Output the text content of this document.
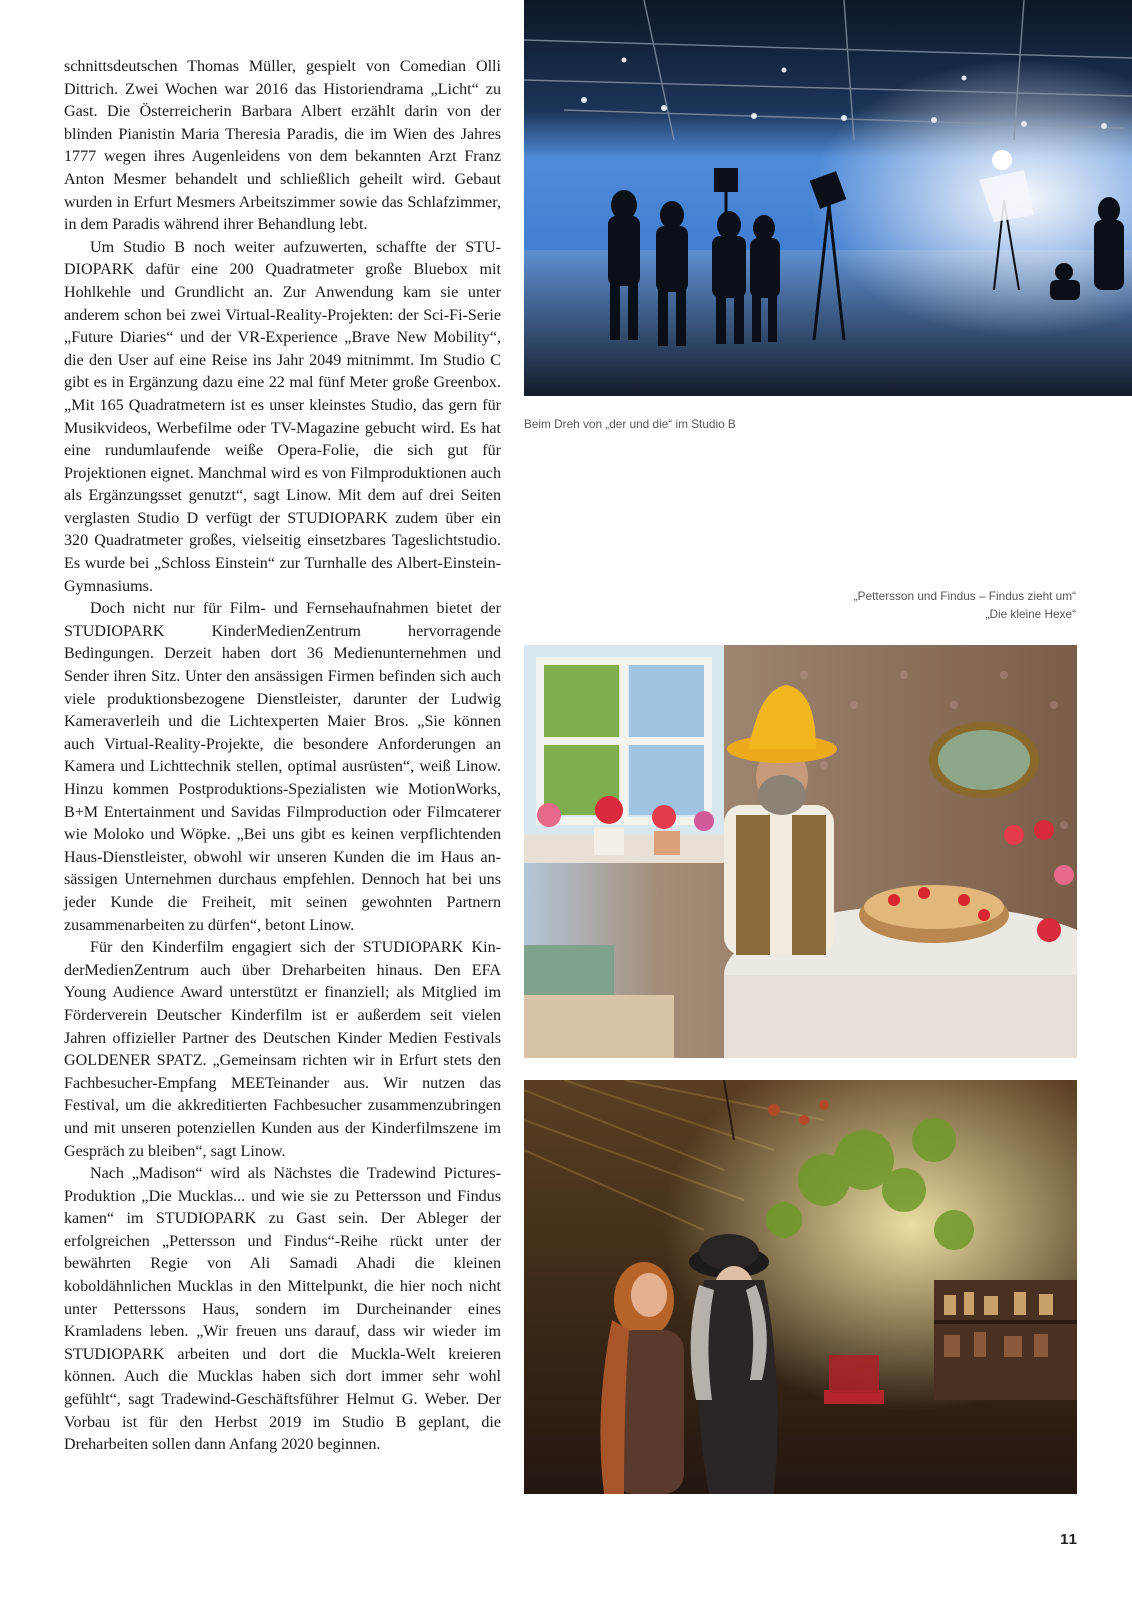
schnittsdeutschen Thomas Müller, gespielt von Comedian Olli Dittrich. Zwei Wochen war 2016 das Historiendrama „Licht“ zu Gast. Die Österreicherin Barbara Albert erzählt darin von der blinden Pianistin Maria Theresia Paradis, die im Wien des Jahres 1777 wegen ihres Augenleidens von dem bekannten Arzt Franz Anton Mesmer behandelt und schließlich geheilt wird. Gebaut wurden in Erfurt Mesmers Arbeitszimmer sowie das Schlafzimmer, in dem Paradis während ihrer Behandlung lebt.

Um Studio B noch weiter aufzuwerten, schaffte der STUDIOPARK dafür eine 200 Quadratmeter große Bluebox mit Hohlkehle und Grundlicht an. Zur Anwendung kam sie unter anderem schon bei zwei Virtual-Reality-Projekten: der Sci-Fi-Serie „Future Diaries“ und der VR-Experience „Brave New Mobility“, die den User auf eine Reise ins Jahr 2049 mitnimmt. Im Studio C gibt es in Ergänzung dazu eine 22 mal fünf Meter große Greenbox. „Mit 165 Quadratmetern ist es unser kleinstes Studio, das gern für Musikvideos, Werbefilme oder TV-Magazine gebucht wird. Es hat eine rundumlaufende weiße Opera-Folie, die sich gut für Projektionen eignet. Manchmal wird es von Filmproduktionen auch als Ergänzungsset genutzt“, sagt Linow. Mit dem auf drei Seiten verglasten Studio D verfügt der STUDIOPARK zudem über ein 320 Quadratmeter großes, vielseitig einsetzbares Tageslichtstudio. Es wurde bei „Schloss Einstein“ zur Turnhalle des Albert-Einstein-Gymnasiums.

Doch nicht nur für Film- und Fernsehaufnahmen bietet der STUDIOPARK KinderMedienZentrum hervorragende Bedingungen. Derzeit haben dort 36 Medienunternehmen und Sender ihren Sitz. Unter den ansässigen Firmen befinden sich auch viele produktionsbezogene Dienstleister, darunter der Ludwig Kameraverleih und die Lichtexperten Maier Bros. „Sie können auch Virtual-Reality-Projekte, die besondere Anforderungen an Kamera und Lichttechnik stellen, optimal ausrüsten“, weiß Linow. Hinzu kommen Postproduktions-Spezialisten wie MotionWorks, B+M Entertainment und Savidas Filmproduction oder Filmcaterer wie Moloko und Wöpke. „Bei uns gibt es keinen verpflichtenden Haus-Dienstleister, obwohl wir unseren Kunden die im Haus ansässigen Unternehmen durchaus empfehlen. Dennoch hat bei uns jeder Kunde die Freiheit, mit seinen gewohnten Partnern zusammenarbeiten zu dürfen“, betont Linow.

Für den Kinderfilm engagiert sich der STUDIOPARK KinderMedienZentrum auch über Dreharbeiten hinaus. Den EFA Young Audience Award unterstützt er finanziell; als Mitglied im Förderverein Deutscher Kinderfilm ist er außerdem seit vielen Jahren offizieller Partner des Deutschen Kinder Medien Festivals GOLDENER SPATZ. „Gemeinsam richten wir in Erfurt stets den Fachbesucher-Empfang MEETeinander aus. Wir nutzen das Festival, um die akkreditierten Fachbesucher zusammenzubringen und mit unseren potenziellen Kunden aus der Kinderfilmszene im Gespräch zu bleiben“, sagt Linow.

Nach „Madison“ wird als Nächstes die Tradewind Pictures-Produktion „Die Mucklas... und wie sie zu Pettersson und Findus kamen“ im STUDIOPARK zu Gast sein. Der Ableger der erfolgreichen „Pettersson und Findus“-Reihe rückt unter der bewährten Regie von Ali Samadi Ahadi die kleinen koboldähnlichen Mucklas in den Mittelpunkt, die hier noch nicht unter Petterssons Haus, sondern im Durcheinander eines Kramladens leben. „Wir freuen uns darauf, dass wir wieder im STUDIOPARK arbeiten und dort die Muckla-Welt kreieren können. Auch die Mucklas haben sich dort immer sehr wohl gefühlt“, sagt Tradewind-Geschäftsführer Helmut G. Weber. Der Vorbau ist für den Herbst 2019 im Studio B geplant, die Dreharbeiten sollen dann Anfang 2020 beginnen.

Beim Dreh von „der und die“ im Studio B
„Pettersson und Findus – Findus zieht um“
„Die kleine Hexe“
11
